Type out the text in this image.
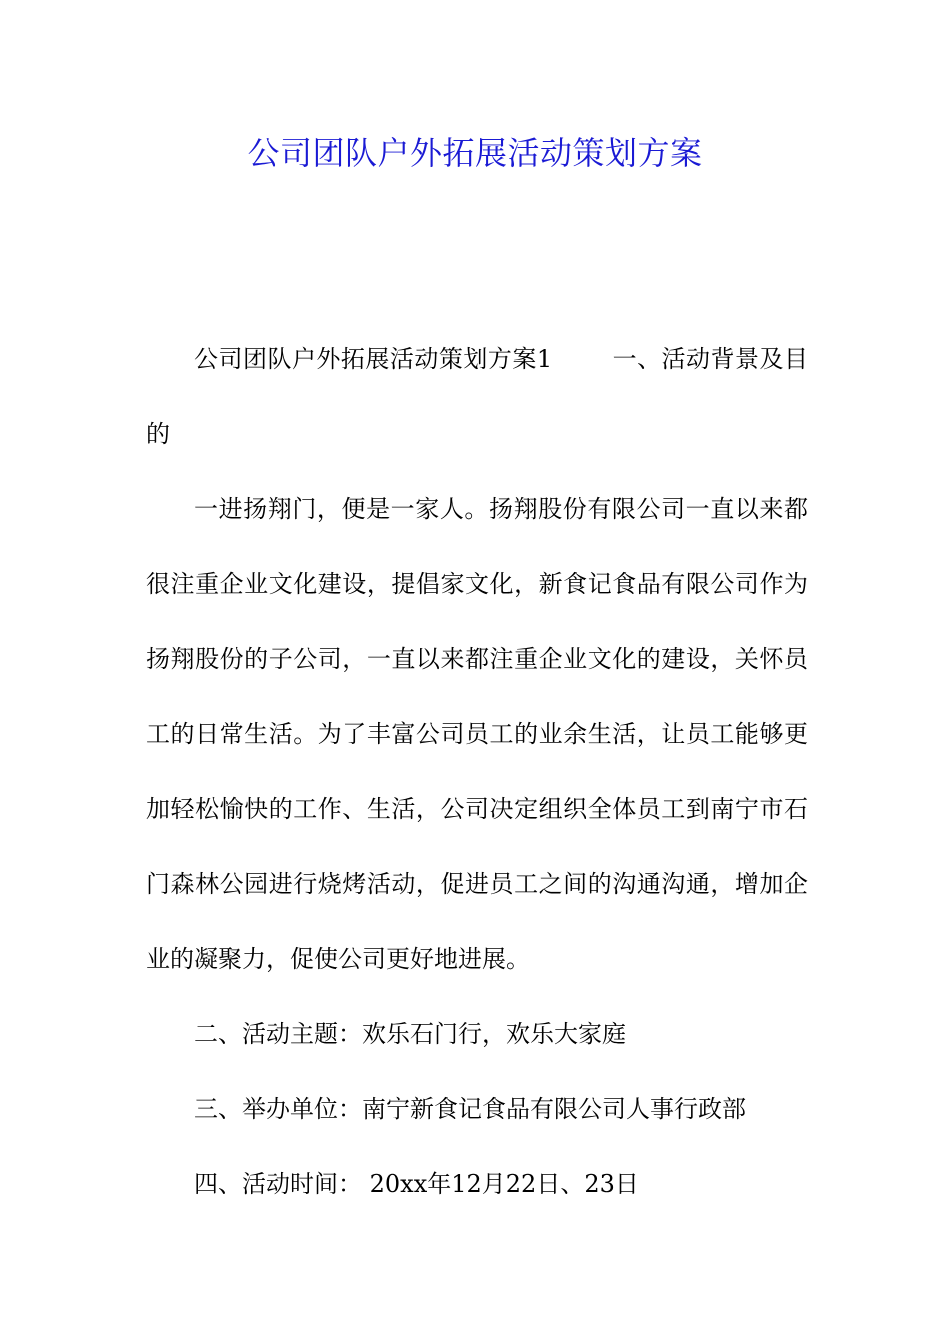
公司团队户外拓展活动策划方案

公司团队户外拓展活动策划方案1	一、活动背景及目的

一进扬翔门，便是一家人。扬翔股份有限公司一直以来都很注重企业文化建设，提倡家文化，新食记食品有限公司作为扬翔股份的子公司，一直以来都注重企业文化的建设，关怀员工的日常生活。为了丰富公司员工的业余生活，让员工能够更加轻松愉快的工作、生活，公司决定组织全体员工到南宁市石门森林公园进行烧烤活动，促进员工之间的沟通沟通，增加企业的凝聚力，促使公司更好地进展。

二、活动主题：欢乐石门行，欢乐大家庭

三、举办单位：南宁新食记食品有限公司人事行政部

四、活动时间： 20xx年12月22日、23日
